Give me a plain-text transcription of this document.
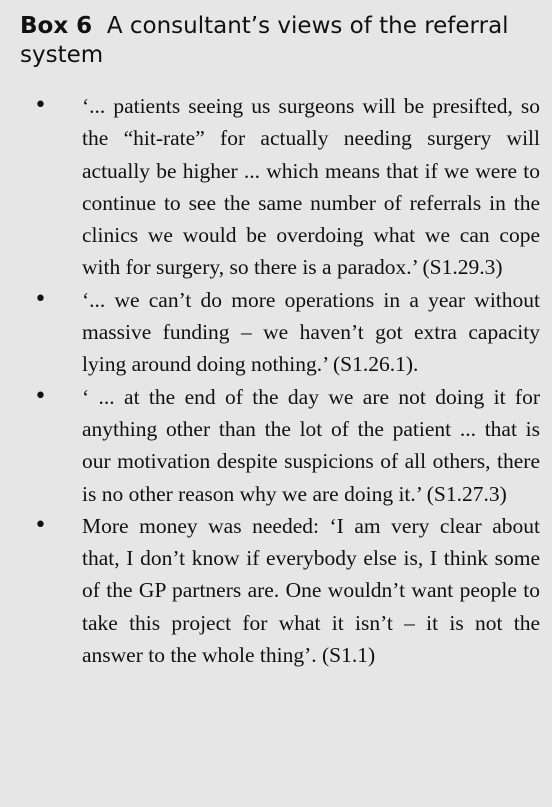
Box 6 A consultant’s views of the referral system
• ‘... patients seeing us surgeons will be presifted, so the “hit-rate” for actually needing surgery will actually be higher ... which means that if we were to continue to see the same number of referrals in the clinics we would be overdoing what we can cope with for surgery, so there is a paradox.’ (S1.29.3)
• ‘... we can’t do more operations in a year without massive funding – we haven’t got extra capacity lying around doing nothing.’ (S1.26.1).
• ‘ ... at the end of the day we are not doing it for anything other than the lot of the patient ... that is our motivation despite suspicions of all others, there is no other reason why we are doing it.’ (S1.27.3)
• More money was needed: ‘I am very clear about that, I don’t know if everybody else is, I think some of the GP partners are. One wouldn’t want people to take this project for what it isn’t – it is not the answer to the whole thing’. (S1.1)
